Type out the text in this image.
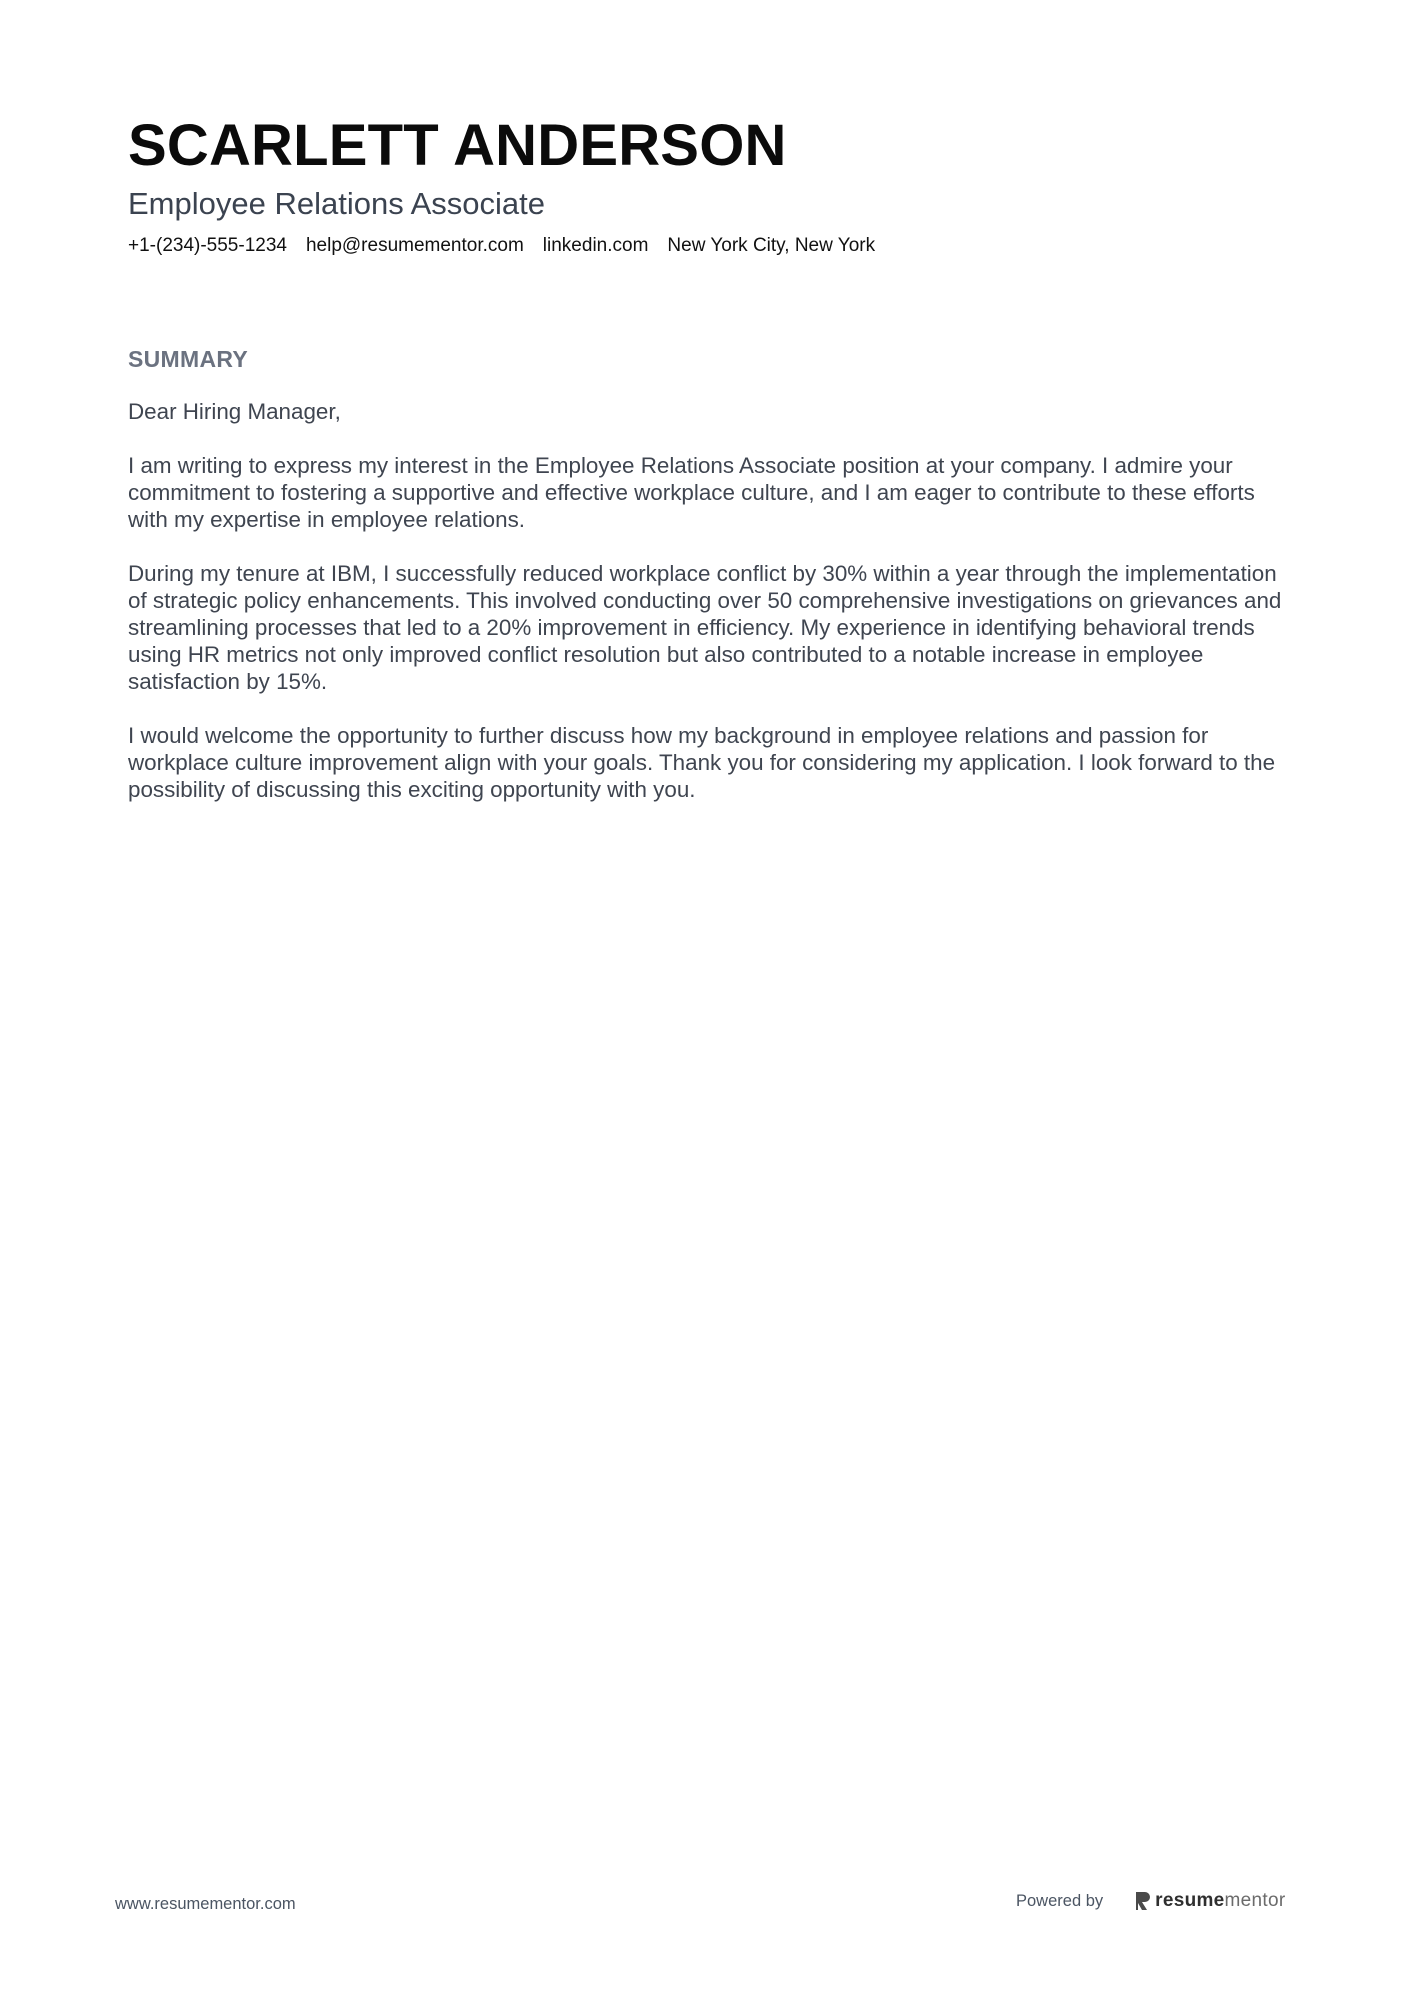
SCARLETT ANDERSON
Employee Relations Associate
+1-(234)-555-1234 help@resumementor.com linkedin.com New York City, New York
SUMMARY

Dear Hiring Manager,

I am writing to express my interest in the Employee Relations Associate position at your company. I admire your commitment to fostering a supportive and effective workplace culture, and I am eager to contribute to these efforts with my expertise in employee relations.

During my tenure at IBM, I successfully reduced workplace conflict by 30% within a year through the implementation of strategic policy enhancements. This involved conducting over 50 comprehensive investigations on grievances and streamlining processes that led to a 20% improvement in efficiency. My experience in identifying behavioral trends using HR metrics not only improved conflict resolution but also contributed to a notable increase in employee satisfaction by 15%.

I would welcome the opportunity to further discuss how my background in employee relations and passion for workplace culture improvement align with your goals. Thank you for considering my application. I look forward to the possibility of discussing this exciting opportunity with you.

www.resumementor.com	Powered by	resume mentor
